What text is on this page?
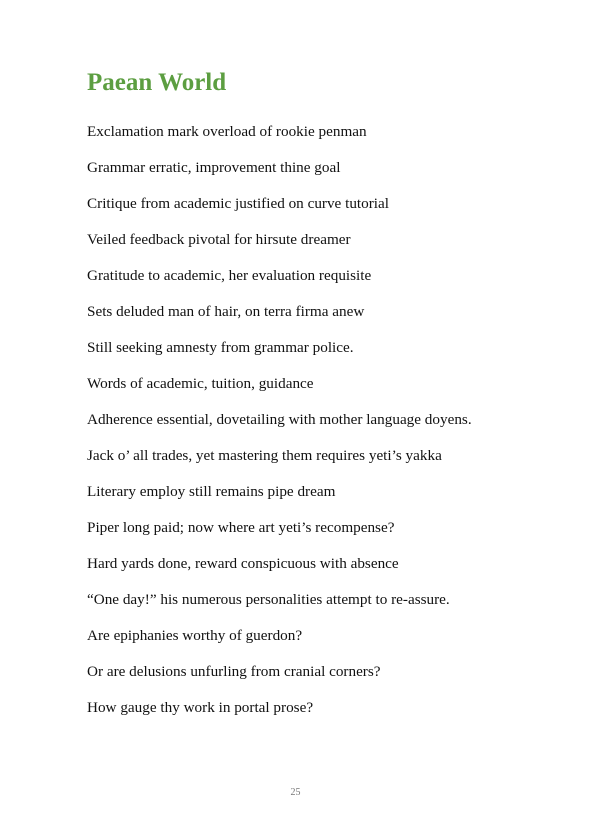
Paean World

Exclamation mark overload of rookie penman

Grammar erratic, improvement thine goal

Critique from academic justified on curve tutorial

Veiled feedback pivotal for hirsute dreamer

Gratitude to academic, her evaluation requisite

Sets deluded man of hair, on terra firma anew

Still seeking amnesty from grammar police.

Words of academic, tuition, guidance

Adherence essential, dovetailing with mother language doyens.

Jack o’ all trades, yet mastering them requires yeti’s yakka

Literary employ still remains pipe dream

Piper long paid; now where art yeti’s recompense?

Hard yards done, reward conspicuous with absence

“One day!” his numerous personalities attempt to re-assure.

Are epiphanies worthy of guerdon?

Or are delusions unfurling from cranial corners?

How gauge thy work in portal prose?

25
